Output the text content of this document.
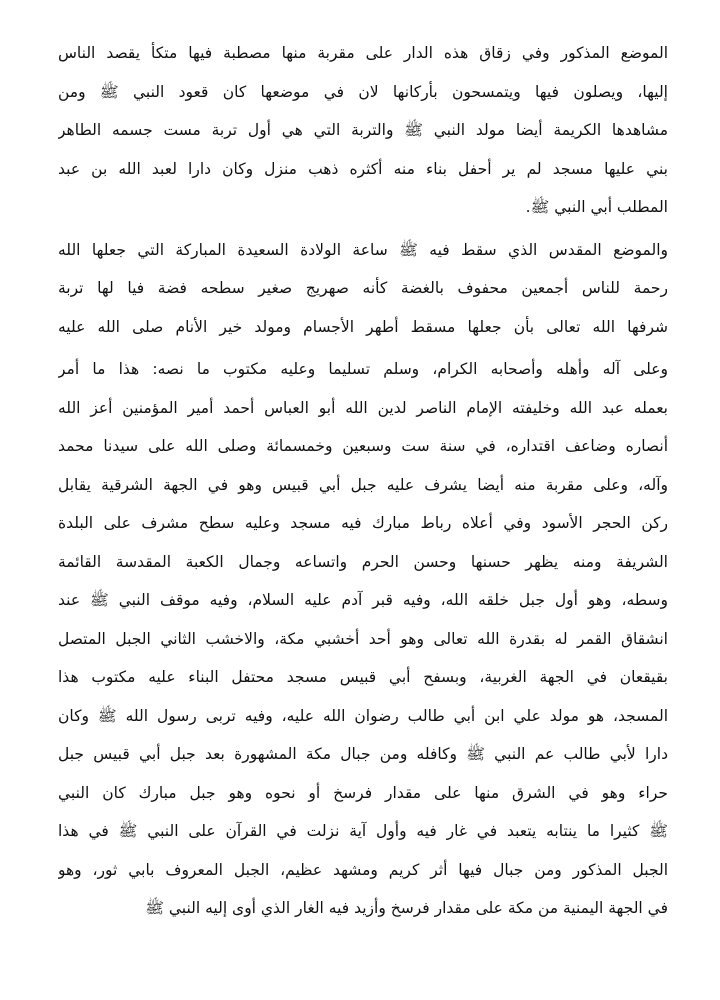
الموضع المذكور وفي زقاق هذه الدار على مقربة منها مصطبة فيها متكأ يقصد الناس
إليها، ويصلون فيها ويتمسحون بأركانها لان في موضعها كان قعود النبي ﷺ ومن
مشاهدها الكريمة أيضا مولد النبي ﷺ والتربة التي هي أول تربة مست جسمه الطاهر
بني عليها مسجد لم ير أحفل بناء منه أكثره ذهب منزل وكان دارا لعبد الله بن عبد
المطلب أبي النبي ﷺ.
والموضع المقدس الذي سقط فيه ﷺ ساعة الولادة السعيدة المباركة التي جعلها الله
رحمة للناس أجمعين محفوف بالغضة كأنه صهريج صغير سطحه فضة فيا لها تربة
شرفها الله تعالى بأن جعلها مسقط أطهر الأجسام ومولد خير الأنام صلى الله عليه
وعلى آله وأهله وأصحابه الكرام، وسلم تسليما وعليه مكتوب ما نصه: هذا ما أمر
بعمله عبد الله وخليفته الإمام الناصر لدين الله أبو العباس أحمد أمير المؤمنين أعز الله
أنصاره وضاعف اقتداره، في سنة ست وسبعين وخمسمائة وصلى الله على سيدنا محمد
وآله، وعلى مقربة منه أيضا يشرف عليه جبل أبي قبيس وهو في الجهة الشرقية يقابل
ركن الحجر الأسود وفي أعلاه رباط مبارك فيه مسجد وعليه سطح مشرف على البلدة
الشريفة ومنه يظهر حسنها وحسن الحرم واتساعه وجمال الكعبة المقدسة القائمة
وسطه، وهو أول جبل خلقه الله، وفيه قبر آدم عليه السلام، وفيه موقف النبي ﷺ عند
انشقاق القمر له بقدرة الله تعالى وهو أحد أخشبي مكة، والاخشب الثاني الجبل المتصل
بقيقعان في الجهة الغربية، وبسفح أبي قبيس مسجد محتفل البناء عليه مكتوب هذا
المسجد، هو مولد علي ابن أبي طالب رضوان الله عليه، وفيه تربى رسول الله ﷺ وكان
دارا لأبي طالب عم النبي ﷺ وكافله ومن جبال مكة المشهورة بعد جبل أبي قبيس جبل
حراء وهو في الشرق منها على مقدار فرسخ أو نحوه وهو جبل مبارك كان النبي
ﷺ كثيرا ما ينتابه يتعبد في غار فيه وأول آية نزلت في القرآن على النبي ﷺ في هذا
الجبل المذكور ومن جبال فيها أثر كريم ومشهد عظيم، الجبل المعروف بابي ثور، وهو
في الجهة اليمنية من مكة على مقدار فرسخ وأزيد فيه الغار الذي أوى إليه النبي ﷺ
